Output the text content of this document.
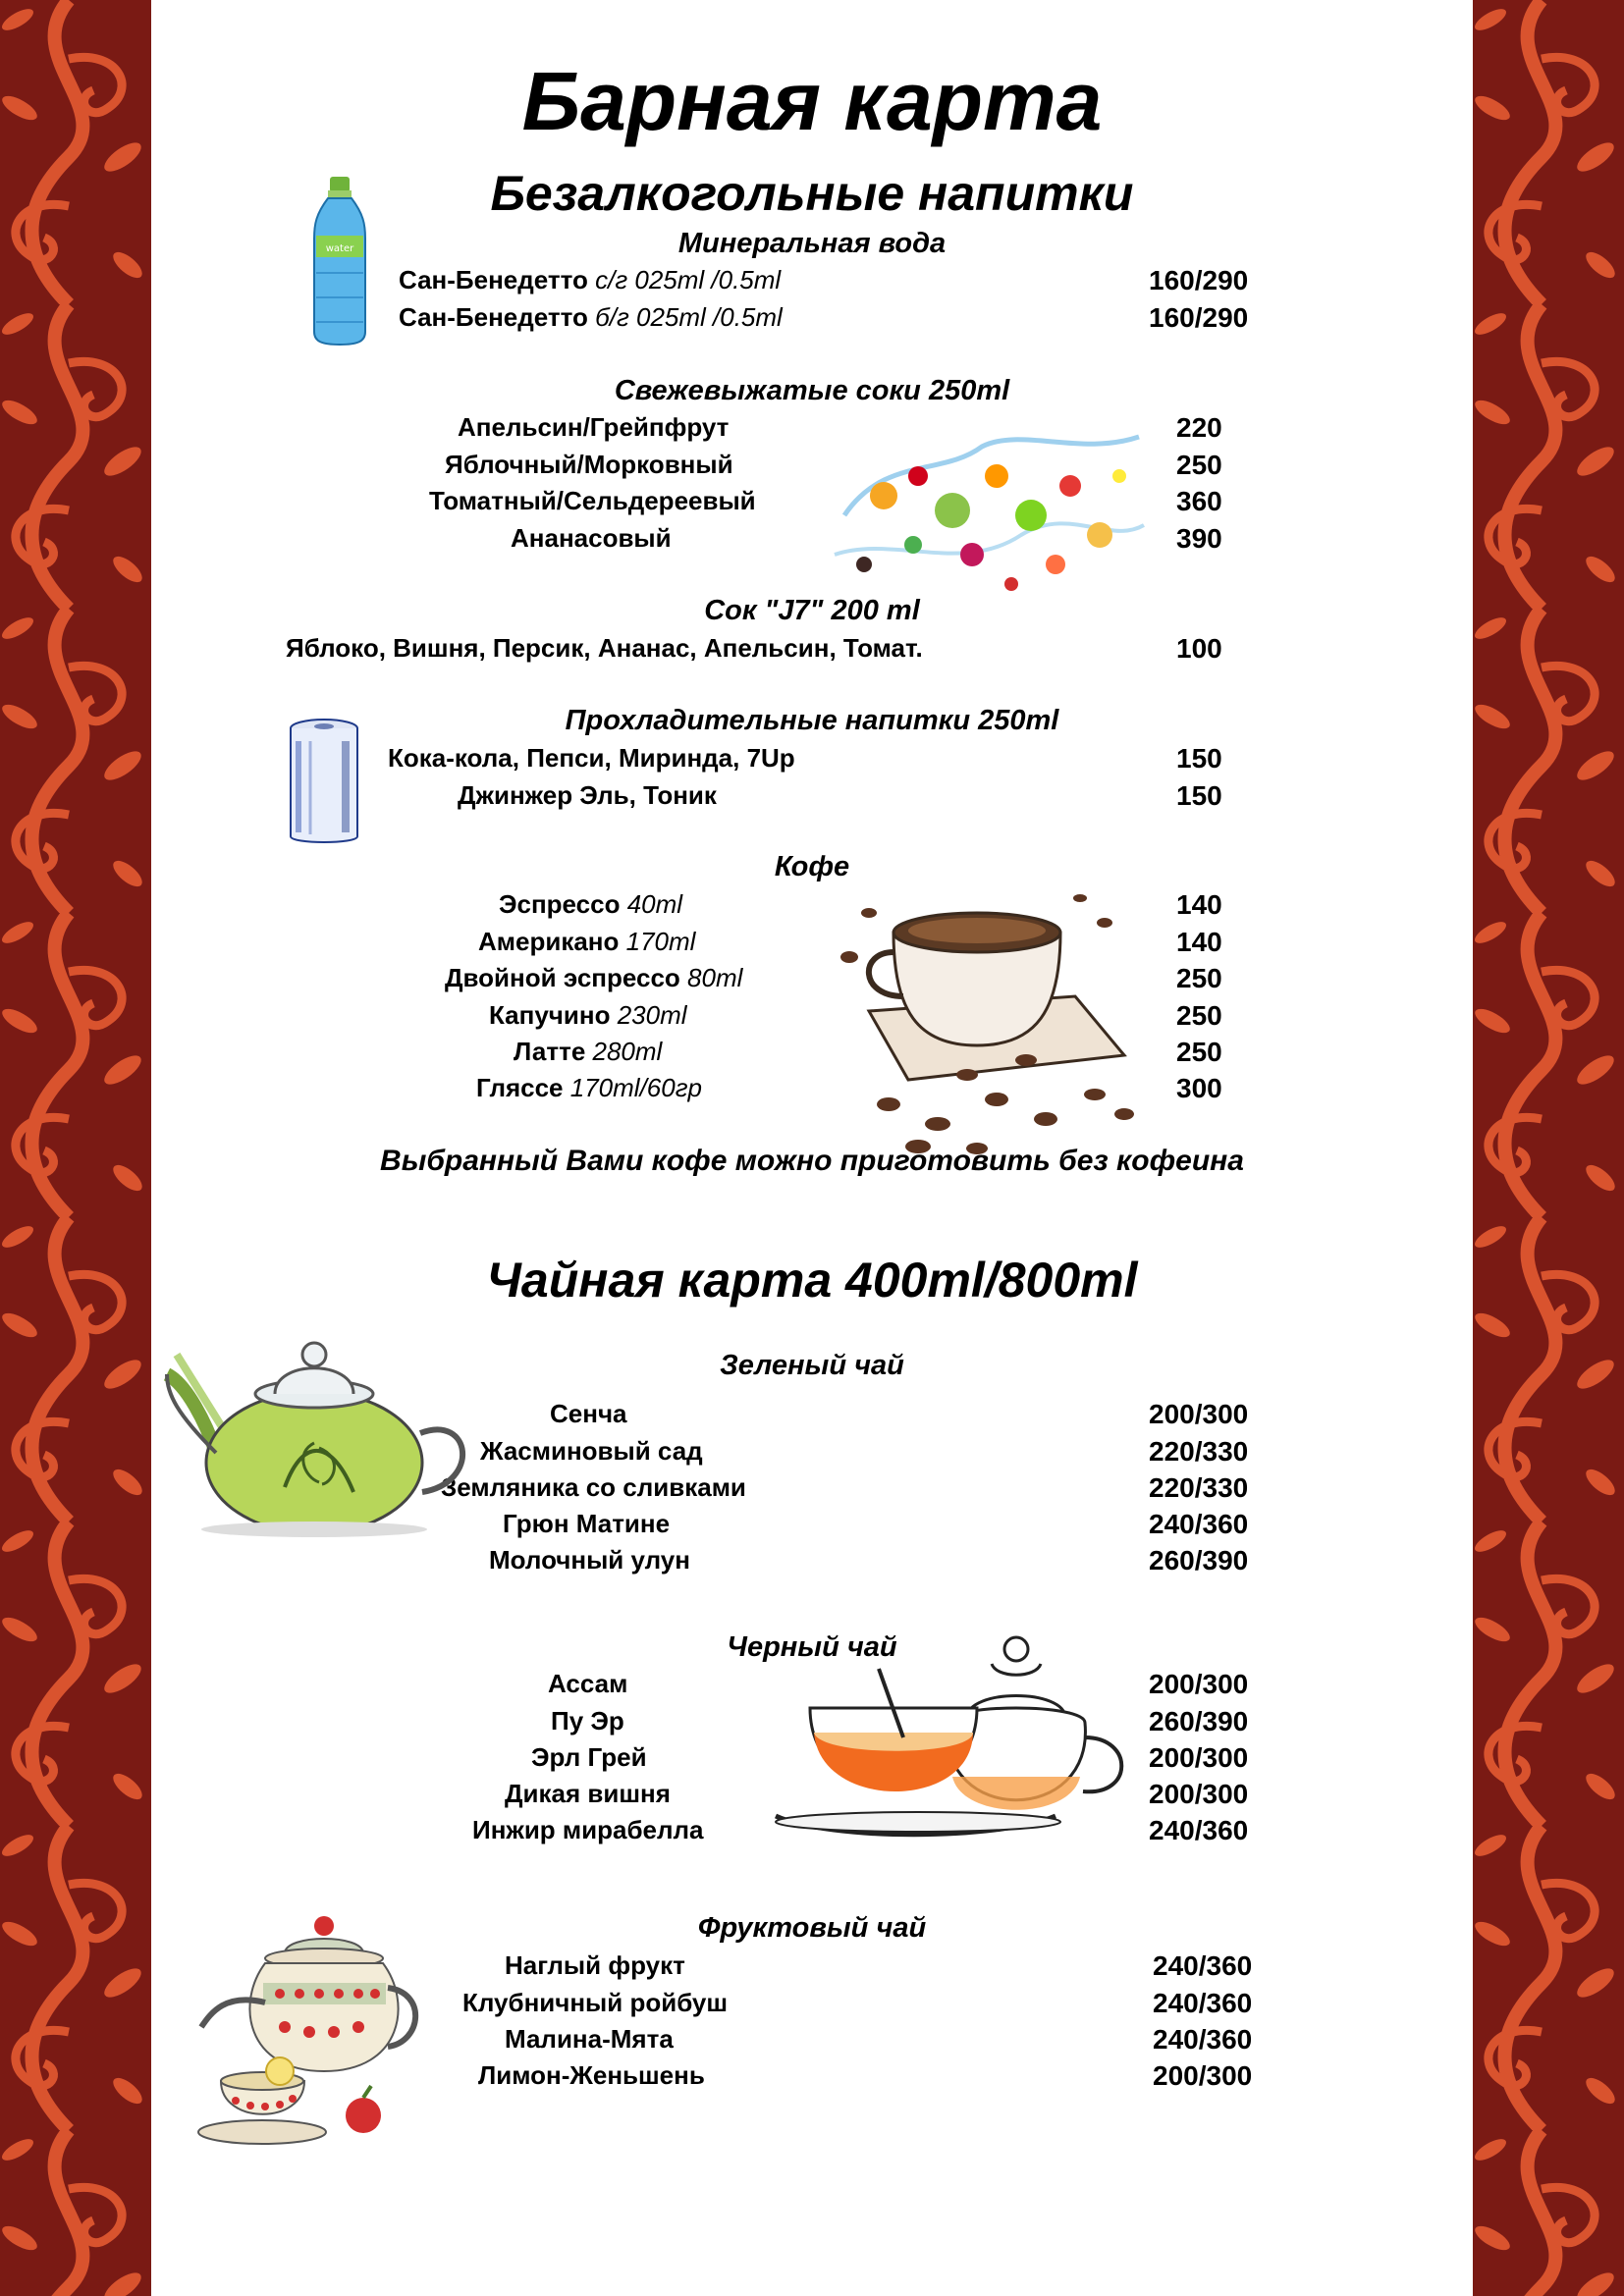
Барная карта
Безалкогольные напитки
Минеральная вода
Сан-Бенедетто с/г 025ml /0.5ml	160/290
Сан-Бенедетто б/г 025ml /0.5ml	160/290
water
Свежевыжатые соки 250ml
Апельсин/Грейпфрут	220
Яблочный/Морковный	250
Томатный/Сельдереевый	360
Ананасовый	390
Сок "J7" 200 ml
Яблоко, Вишня, Персик, Ананас, Апельсин, Томат.	100
Прохладительные напитки 250ml
Кока-кола, Пепси, Миринда, 7Up	150
Джинжер Эль, Тоник	150
Кофе
Эспрессо 40ml	140
Американо 170ml	140
Двойной эспрессо 80ml	250
Капучино 230ml	250
Латте 280ml	250
Гляссе 170ml/60гр	300
Выбранный Вами кофе можно приготовить без кофеина
Чайная карта 400ml/800ml
Зеленый чай
Сенча	200/300
Жасминовый сад	220/330
Земляника со сливками	220/330
Грюн Матине	240/360
Молочный улун	260/390
Черный чай
Ассам	200/300
Пу Эр	260/390
Эрл Грей	200/300
Дикая вишня	200/300
Инжир мирабелла	240/360
Фруктовый чай
Наглый фрукт	240/360
Клубничный ройбуш	240/360
Малина-Мята	240/360
Лимон-Женьшень	200/300
